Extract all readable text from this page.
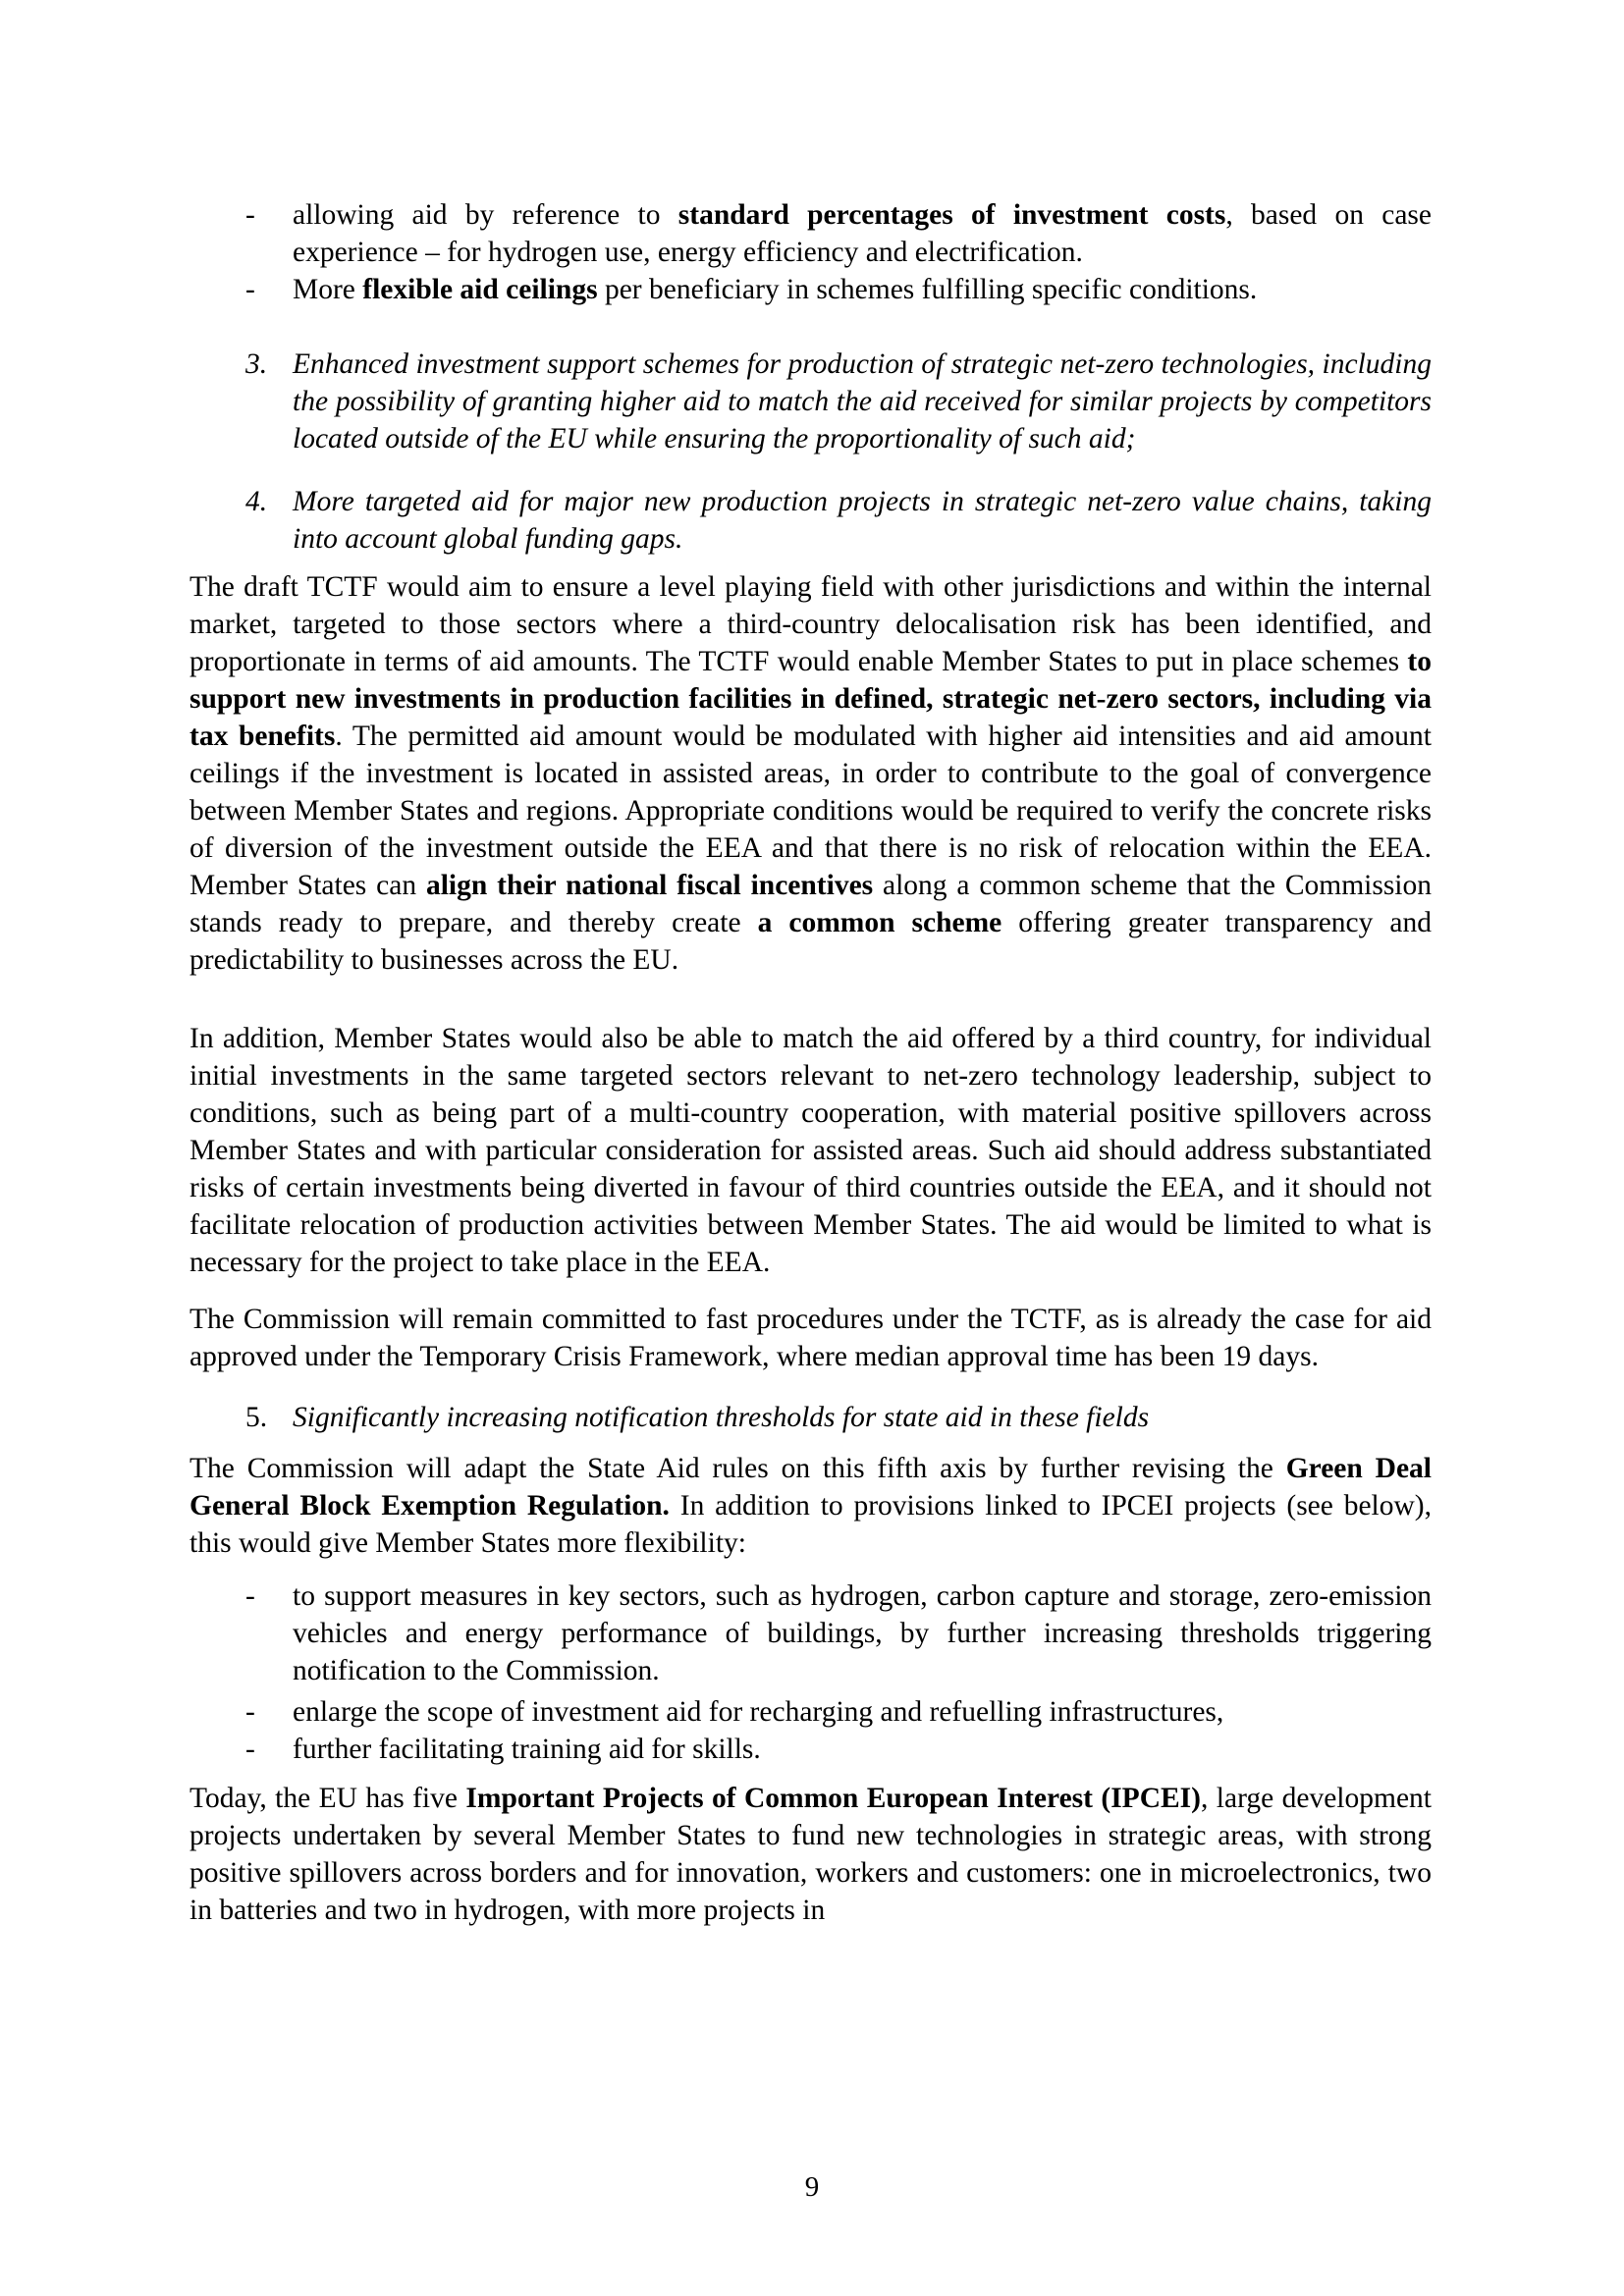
- allowing aid by reference to standard percentages of investment costs, based on case experience – for hydrogen use, energy efficiency and electrification.
- More flexible aid ceilings per beneficiary in schemes fulfilling specific conditions.
3. Enhanced investment support schemes for production of strategic net-zero technologies, including the possibility of granting higher aid to match the aid received for similar projects by competitors located outside of the EU while ensuring the proportionality of such aid;
4. More targeted aid for major new production projects in strategic net-zero value chains, taking into account global funding gaps.

The draft TCTF would aim to ensure a level playing field with other jurisdictions and within the internal market, targeted to those sectors where a third-country delocalisation risk has been identified, and proportionate in terms of aid amounts. The TCTF would enable Member States to put in place schemes to support new investments in production facilities in defined, strategic net-zero sectors, including via tax benefits. The permitted aid amount would be modulated with higher aid intensities and aid amount ceilings if the investment is located in assisted areas, in order to contribute to the goal of convergence between Member States and regions. Appropriate conditions would be required to verify the concrete risks of diversion of the investment outside the EEA and that there is no risk of relocation within the EEA. Member States can align their national fiscal incentives along a common scheme that the Commission stands ready to prepare, and thereby create a common scheme offering greater transparency and predictability to businesses across the EU.

In addition, Member States would also be able to match the aid offered by a third country, for individual initial investments in the same targeted sectors relevant to net-zero technology leadership, subject to conditions, such as being part of a multi-country cooperation, with material positive spillovers across Member States and with particular consideration for assisted areas. Such aid should address substantiated risks of certain investments being diverted in favour of third countries outside the EEA, and it should not facilitate relocation of production activities between Member States. The aid would be limited to what is necessary for the project to take place in the EEA.

The Commission will remain committed to fast procedures under the TCTF, as is already the case for aid approved under the Temporary Crisis Framework, where median approval time has been 19 days.

5. Significantly increasing notification thresholds for state aid in these fields

The Commission will adapt the State Aid rules on this fifth axis by further revising the Green Deal General Block Exemption Regulation. In addition to provisions linked to IPCEI projects (see below), this would give Member States more flexibility:

- to support measures in key sectors, such as hydrogen, carbon capture and storage, zero-emission vehicles and energy performance of buildings, by further increasing thresholds triggering notification to the Commission.
- enlarge the scope of investment aid for recharging and refuelling infrastructures,
- further facilitating training aid for skills.

Today, the EU has five Important Projects of Common European Interest (IPCEI), large development projects undertaken by several Member States to fund new technologies in strategic areas, with strong positive spillovers across borders and for innovation, workers and customers: one in microelectronics, two in batteries and two in hydrogen, with more projects in

9
